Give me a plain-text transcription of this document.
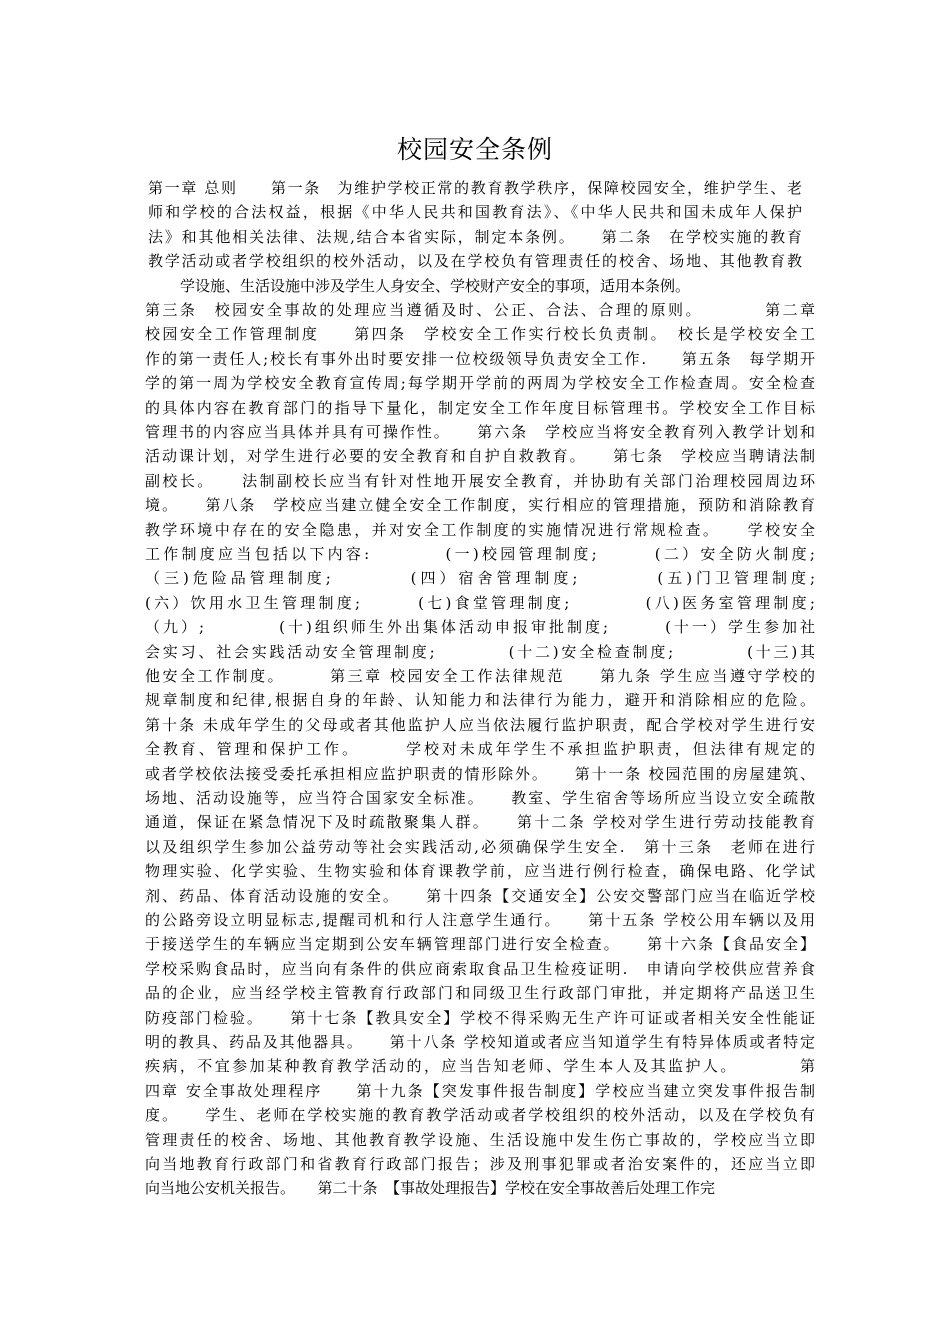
校园安全条例
第一章 总则　　第一条　为维护学校正常的教育教学秩序，保障校园安全，维护学生、老
师和学校的合法权益，根据《中华人民共和国教育法》、《中华人民共和国未成年人保护
法》和其他相关法律、法规,结合本省实际，制定本条例。　　第二条　在学校实施的教育
教学活动或者学校组织的校外活动，以及在学校负有管理责任的校舍、场地、其他教育教
学设施、生活设施中涉及学生人身安全、学校财产安全的事项，适用本条例。
第三条　校园安全事故的处理应当遵循及时、公正、合法、合理的原则。　　　　第二章
校园安全工作管理制度　　第四条　学校安全工作实行校长负责制。　校长是学校安全工
作的第一责任人;校长有事外出时要安排一位校级领导负责安全工作.　　第五条　每学期开
学的第一周为学校安全教育宣传周;每学期开学前的两周为学校安全工作检查周。安全检查
的具体内容在教育部门的指导下量化，制定安全工作年度目标管理书。学校安全工作目标
管理书的内容应当具体并具有可操作性。　　第六条　学校应当将安全教育列入教学计划和
活动课计划，对学生进行必要的安全教育和自护自救教育。　　第七条　学校应当聘请法制
副校长。　　法制副校长应当有针对性地开展安全教育，并协助有关部门治理校园周边环
境。　　第八条　学校应当建立健全安全工作制度，实行相应的管理措施，预防和消除教育
教学环境中存在的安全隐患，并对安全工作制度的实施情况进行常规检查。　　学校安全
工作制度应当包括以下内容:　　　　(一)校园管理制度;　　　(二）安全防火制度;
（三)危险品管理制度;　　　　(四）宿舍管理制度;　　　　(五)门卫管理制度;
(六）饮用水卫生管理制度;　　　(七)食堂管理制度;　　　　(八)医务室管理制度;
（九）;　　　　(十)组织师生外出集体活动申报审批制度;　　　(十一）学生参加社
会实习、社会实践活动安全管理制度;　　　　(十二)安全检查制度;　　　　(十三)其
他安全工作制度。　　　第三章 校园安全工作法律规范　　第九条 学生应当遵守学校的
规章制度和纪律,根据自身的年龄、认知能力和法律行为能力，避开和消除相应的危险。
第十条 未成年学生的父母或者其他监护人应当依法履行监护职责，配合学校对学生进行安
全教育、管理和保护工作。　　　学校对未成年学生不承担监护职责，但法律有规定的
或者学校依法接受委托承担相应监护职责的情形除外。　　第十一条 校园范围的房屋建筑、
场地、活动设施等，应当符合国家安全标准。　　教室、学生宿舍等场所应当设立安全疏散
通道，保证在紧急情况下及时疏散聚集人群。　　第十二条 学校对学生进行劳动技能教育
以及组织学生参加公益劳动等社会实践活动,必须确保学生安全.　第十三条　老师在进行
物理实验、化学实验、生物实验和体育课教学前，应当进行例行检查，确保电路、化学试
剂、药品、体育活动设施的安全。　　第十四条【交通安全】公安交警部门应当在临近学校
的公路旁设立明显标志,提醒司机和行人注意学生通行。　　第十五条 学校公用车辆以及用
于接送学生的车辆应当定期到公安车辆管理部门进行安全检查。　　第十六条【食品安全】
学校采购食品时，应当向有条件的供应商索取食品卫生检疫证明.　申请向学校供应营养食
品的企业，应当经学校主管教育行政部门和同级卫生行政部门审批，并定期将产品送卫生
防疫部门检验。　　第十七条【教具安全】学校不得采购无生产许可证或者相关安全性能证
明的教具、药品及其他器具。　　第十八条 学校知道或者应当知道学生有特异体质或者特定
疾病，不宜参加某种教育教学活动的，应当告知老师、学生本人及其监护人。　　　　第
四章 安全事故处理程序　　第十九条【突发事件报告制度】学校应当建立突发事件报告制
度。　　学生、老师在学校实施的教育教学活动或者学校组织的校外活动，以及在学校负有
管理责任的校舍、场地、其他教育教学设施、生活设施中发生伤亡事故的，学校应当立即
向当地教育行政部门和省教育行政部门报告；涉及刑事犯罪或者治安案件的，还应当立即
向当地公安机关报告。　　第二十条　【事故处理报告】学校在安全事故善后处理工作完
